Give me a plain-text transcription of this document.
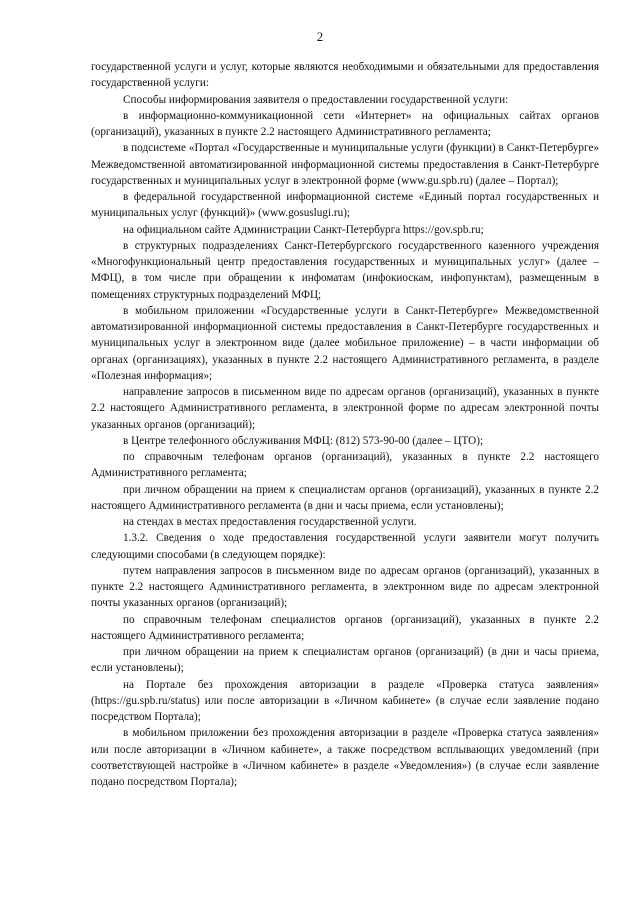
2

государственной услуги и услуг, которые являются необходимыми и обязательными для предоставления государственной услуги:

Способы информирования заявителя о предоставлении государственной услуги:

в информационно-коммуникационной сети «Интернет» на официальных сайтах органов (организаций), указанных в пункте 2.2 настоящего Административного регламента;

в подсистеме «Портал «Государственные и муниципальные услуги (функции) в Санкт-Петербурге» Межведомственной автоматизированной информационной системы предоставления в Санкт-Петербурге государственных и муниципальных услуг в электронной форме (www.gu.spb.ru) (далее – Портал);

в федеральной государственной информационной системе «Единый портал государственных и муниципальных услуг (функций)» (www.gosuslugi.ru);

на официальном сайте Администрации Санкт-Петербурга https://gov.spb.ru;

в структурных подразделениях Санкт-Петербургского государственного казенного учреждения «Многофункциональный центр предоставления государственных и муниципальных услуг» (далее – МФЦ), в том числе при обращении к инфоматам (инфокиоскам, инфопунктам), размещенным в помещениях структурных подразделений МФЦ;

в мобильном приложении «Государственные услуги в Санкт-Петербурге» Межведомственной автоматизированной информационной системы предоставления в Санкт-Петербурге государственных и муниципальных услуг в электронном виде (далее мобильное приложение) – в части информации об органах (организациях), указанных в пункте 2.2 настоящего Административного регламента, в разделе «Полезная информация»;

направление запросов в письменном виде по адресам органов (организаций), указанных в пункте 2.2 настоящего Административного регламента, в электронной форме по адресам электронной почты указанных органов (организаций);

в Центре телефонного обслуживания МФЦ: (812) 573-90-00 (далее – ЦТО);

по справочным телефонам органов (организаций), указанных в пункте 2.2 настоящего Административного регламента;

при личном обращении на прием к специалистам органов (организаций), указанных в пункте 2.2 настоящего Административного регламента (в дни и часы приема, если установлены);

на стендах в местах предоставления государственной услуги.

1.3.2. Сведения о ходе предоставления государственной услуги заявители могут получить следующими способами (в следующем порядке):

путем направления запросов в письменном виде по адресам органов (организаций), указанных в пункте 2.2 настоящего Административного регламента, в электронном виде по адресам электронной почты указанных органов (организаций);

по справочным телефонам специалистов органов (организаций), указанных в пункте 2.2 настоящего Административного регламента;

при личном обращении на прием к специалистам органов (организаций) (в дни и часы приема, если установлены);

на Портале без прохождения авторизации в разделе «Проверка статуса заявления» (https://gu.spb.ru/status) или после авторизации в «Личном кабинете» (в случае если заявление подано посредством Портала);

в мобильном приложении без прохождения авторизации в разделе «Проверка статуса заявления» или после авторизации в «Личном кабинете», а также посредством всплывающих уведомлений (при соответствующей настройке в «Личном кабинете» в разделе «Уведомления») (в случае если заявление подано посредством Портала);
